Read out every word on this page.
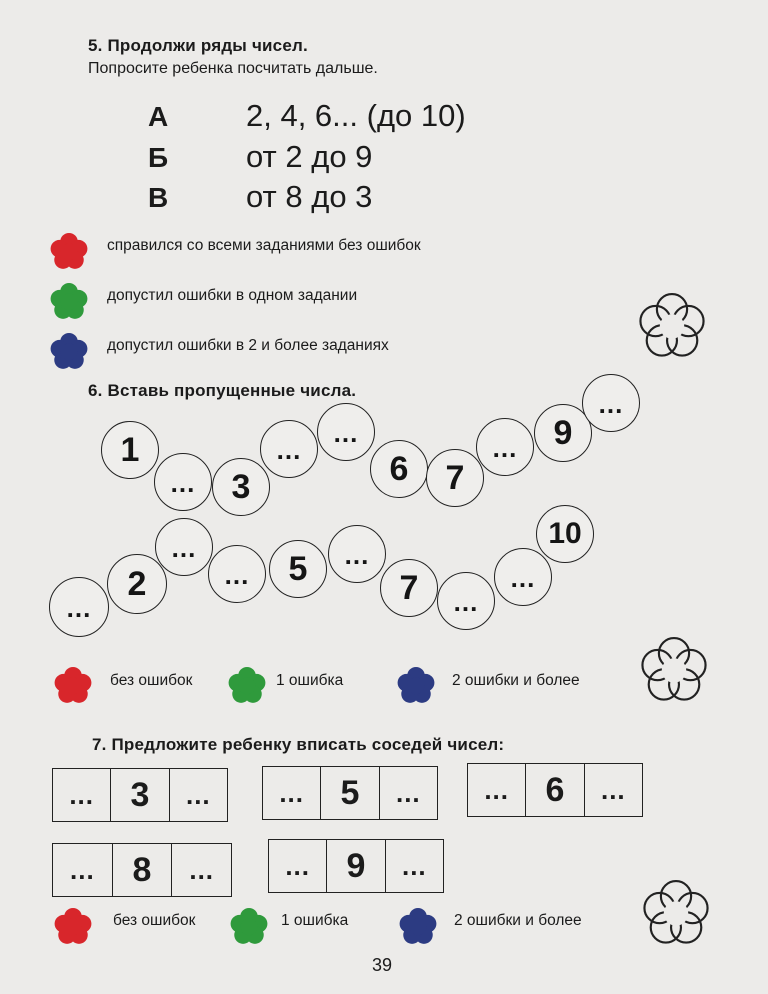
5. Продолжи ряды чисел.
Попросите ребенка посчитать дальше.
А	2, 4, 6... (до 10)
Б	от 2 до 9
В	от 8 до 3
справился со всеми заданиями без ошибок
допустил ошибки в одном задании
допустил ошибки в 2 и более заданиях
6. Вставь пропущенные числа.
1
...	3
...
...
6	7
...	9
...
...
2
...
...	5	...
7	...
...
10
без ошибок	1 ошибка	2 ошибки и более
7. Предложите ребенку вписать соседей чисел:
...	3	...	...	5	...	...	6	...
...	8	...	...	9	...
без ошибок	1 ошибка	2 ошибки и более
39
